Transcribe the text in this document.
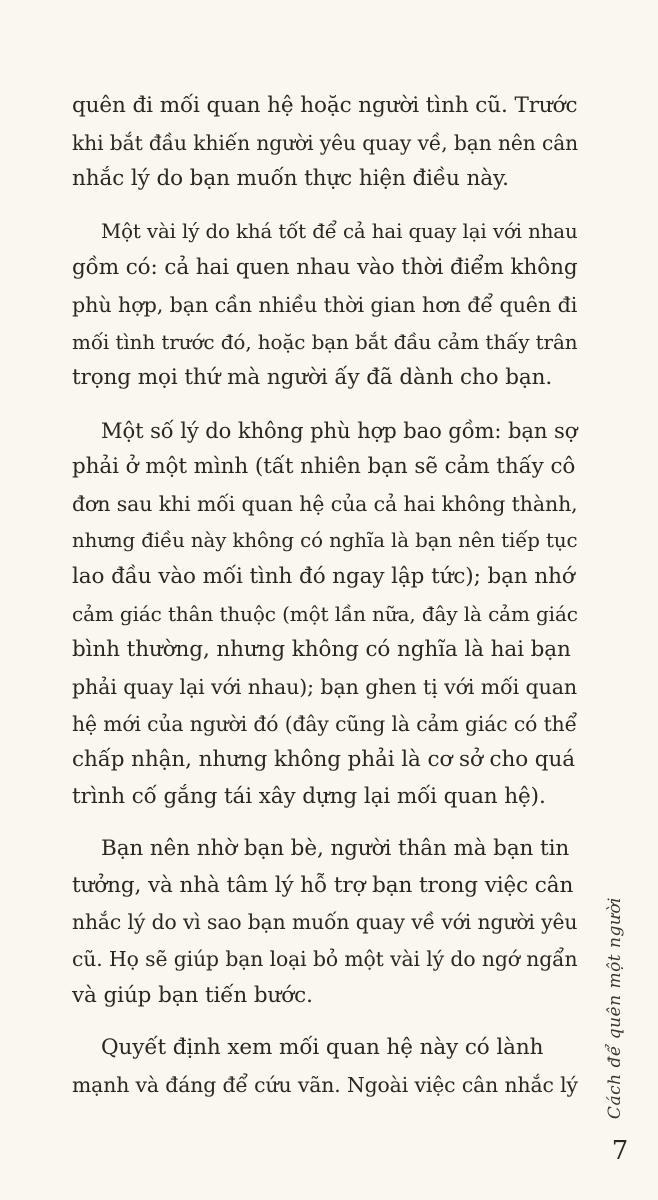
quên đi mối quan hệ hoặc người tình cũ. Trước
khi bắt đầu khiến người yêu quay về, bạn nên cân
nhắc lý do bạn muốn thực hiện điều này.

Một vài lý do khá tốt để cả hai quay lại với nhau
gồm có: cả hai quen nhau vào thời điểm không
phù hợp, bạn cần nhiều thời gian hơn để quên đi
mối tình trước đó, hoặc bạn bắt đầu cảm thấy trân
trọng mọi thứ mà người ấy đã dành cho bạn.

Một số lý do không phù hợp bao gồm: bạn sợ
phải ở một mình (tất nhiên bạn sẽ cảm thấy cô
đơn sau khi mối quan hệ của cả hai không thành,
nhưng điều này không có nghĩa là bạn nên tiếp tục
lao đầu vào mối tình đó ngay lập tức); bạn nhớ
cảm giác thân thuộc (một lần nữa, đây là cảm giác
bình thường, nhưng không có nghĩa là hai bạn
phải quay lại với nhau); bạn ghen tị với mối quan
hệ mới của người đó (đây cũng là cảm giác có thể
chấp nhận, nhưng không phải là cơ sở cho quá
trình cố gắng tái xây dựng lại mối quan hệ).

Bạn nên nhờ bạn bè, người thân mà bạn tin
tưởng, và nhà tâm lý hỗ trợ bạn trong việc cân
nhắc lý do vì sao bạn muốn quay về với người yêu
cũ. Họ sẽ giúp bạn loại bỏ một vài lý do ngớ ngẩn
và giúp bạn tiến bước.

Quyết định xem mối quan hệ này có lành
mạnh và đáng để cứu vãn. Ngoài việc cân nhắc lý Cách để quên một người
7
